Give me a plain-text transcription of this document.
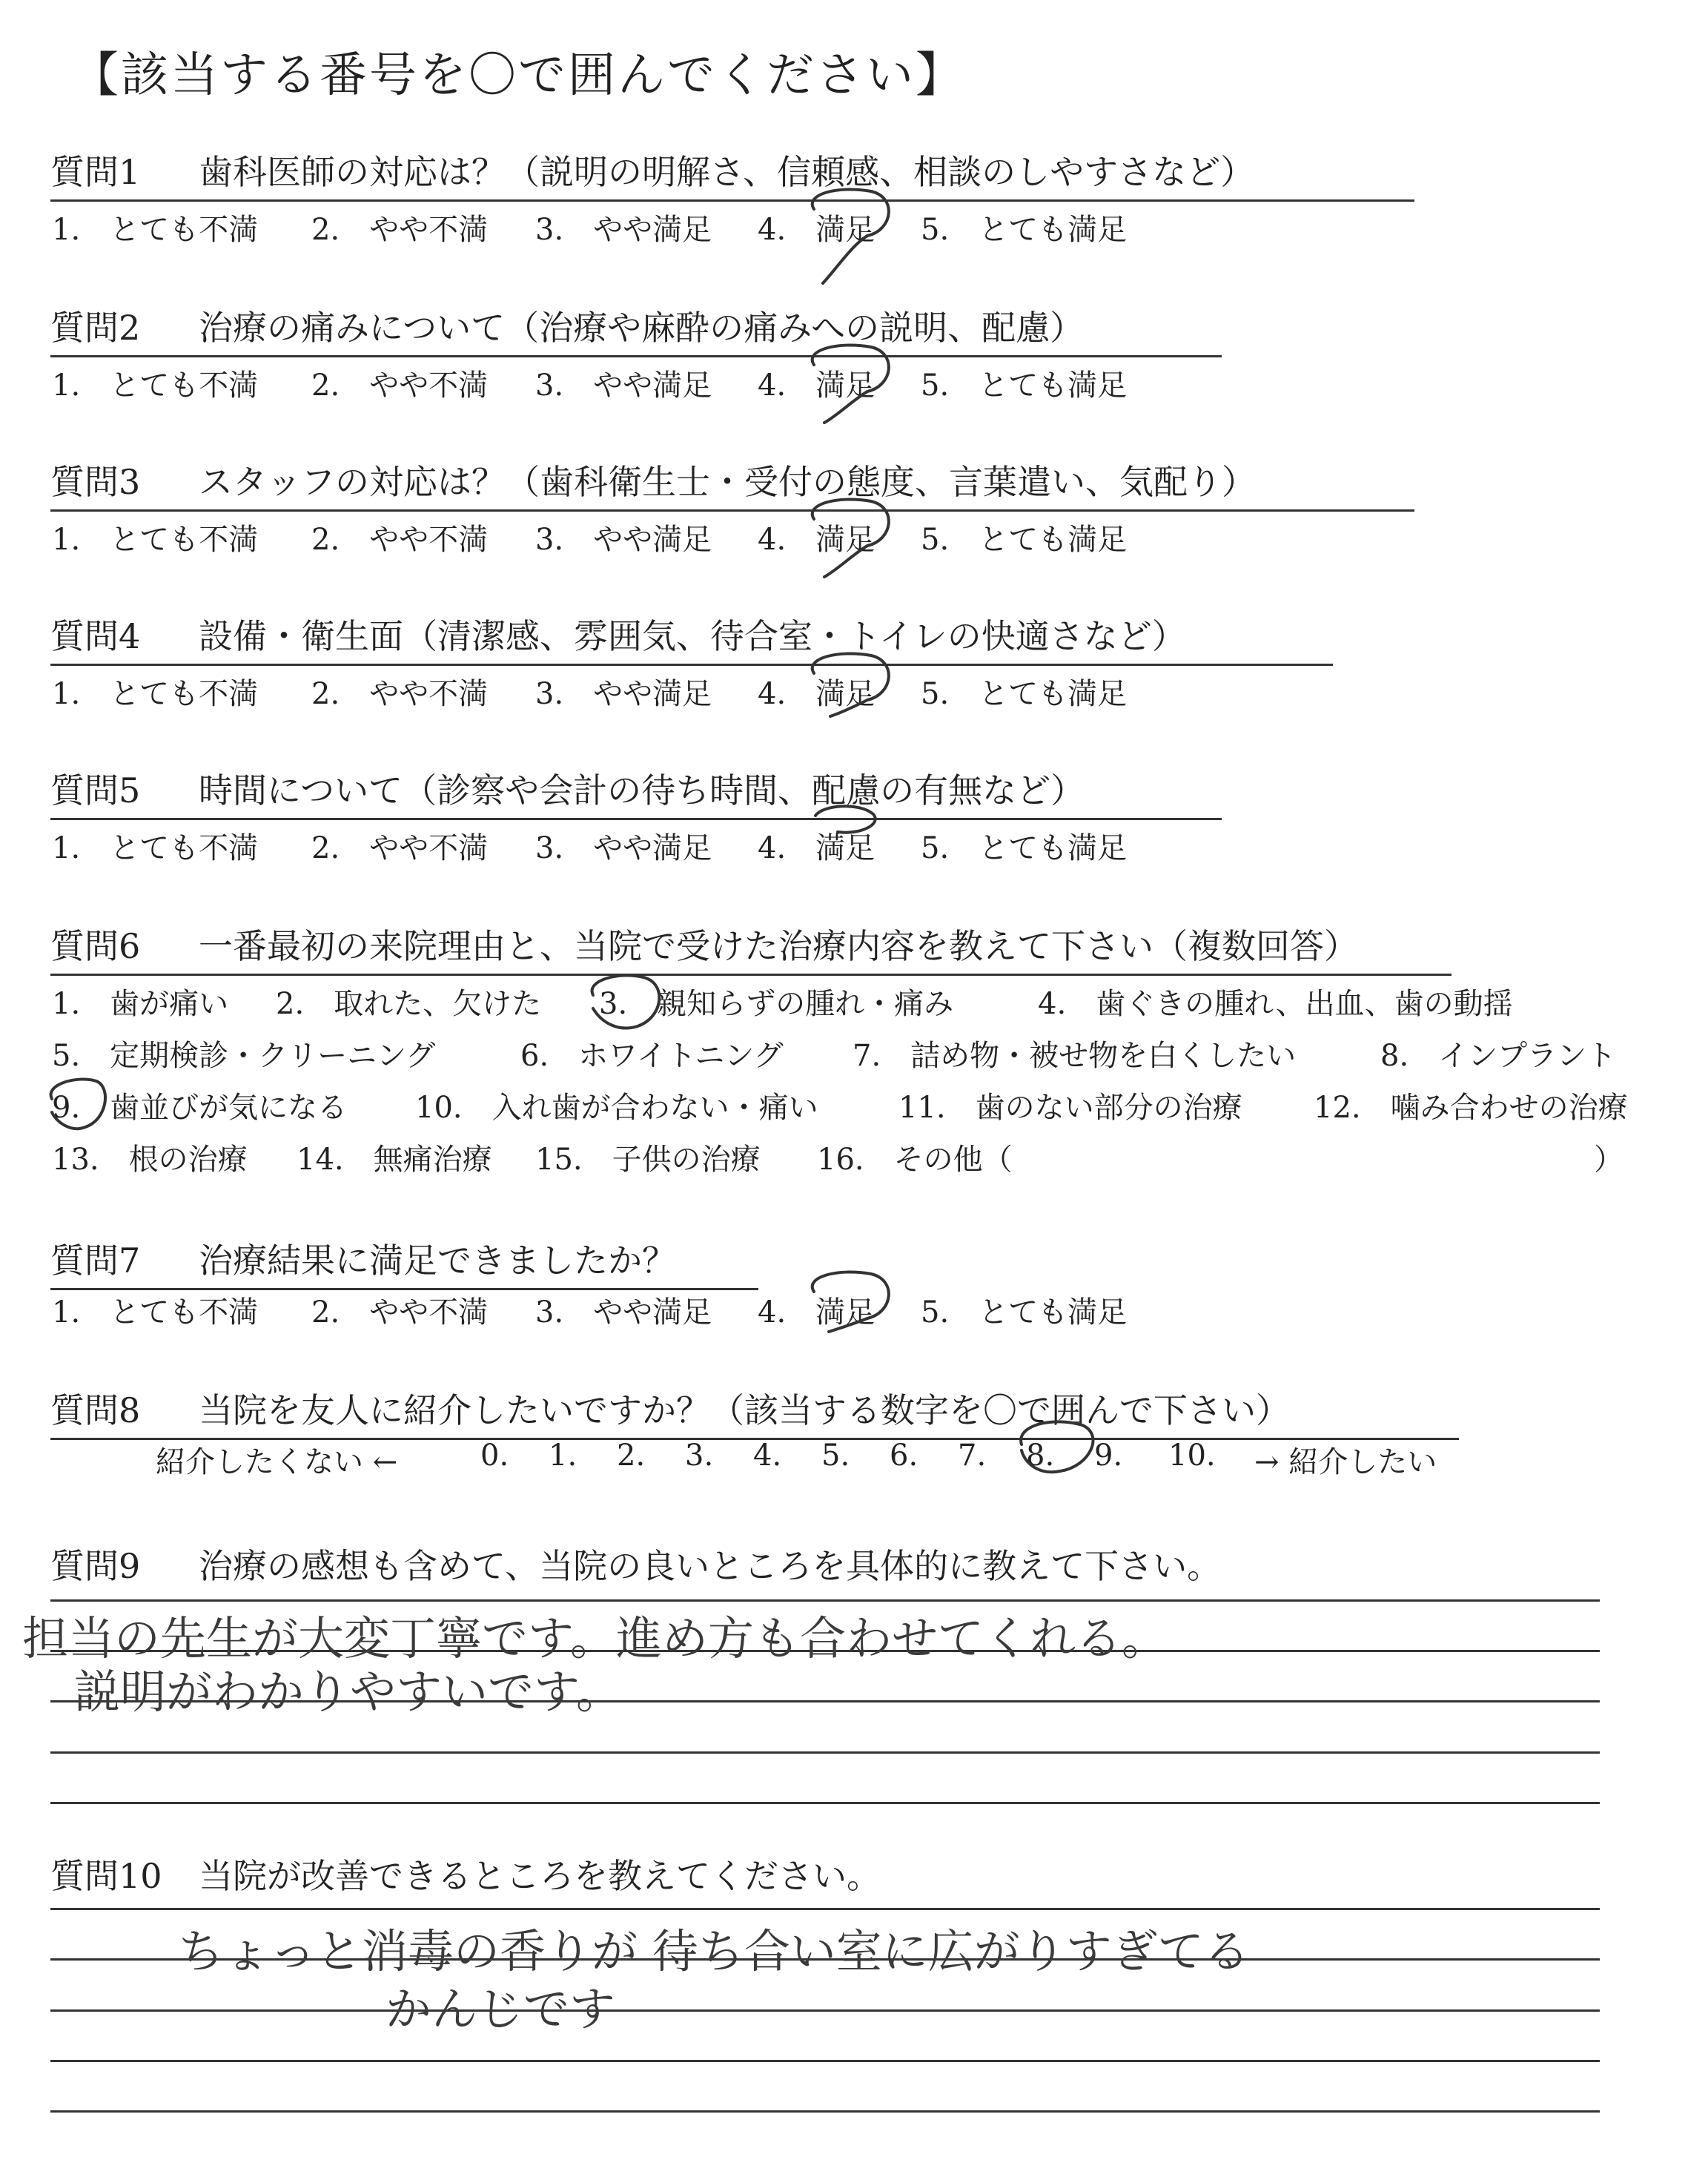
【該当する番号を〇で囲んでください】
質問1 歯科医師の対応は？（説明の明解さ、信頼感、相談のしやすさなど）
1.　とても不満 2.　やや不満 3.　やや満足 4.　満足 5.　とても満足
質問2 治療の痛みについて（治療や麻酔の痛みへの説明、配慮）
1.　とても不満 2.　やや不満 3.　やや満足 4.　満足 5.　とても満足
質問3 スタッフの対応は？（歯科衛生士・受付の態度、言葉遣い、気配り）
1.　とても不満 2.　やや不満 3.　やや満足 4.　満足 5.　とても満足
質問4 設備・衛生面（清潔感、雰囲気、待合室・トイレの快適さなど）
1.　とても不満 2.　やや不満 3.　やや満足 4.　満足 5.　とても満足
質問5 時間について（診察や会計の待ち時間、配慮の有無など）
1.　とても不満 2.　やや不満 3.　やや満足 4.　満足 5.　とても満足
質問6 一番最初の来院理由と、当院で受けた治療内容を教えて下さい（複数回答）
1.　歯が痛い 2.　取れた、欠けた 3.　親知らずの腫れ・痛み	4.　歯ぐきの腫れ、出血、歯の動揺
5.　定期検診・クリーニング	6.　ホワイトニング 7.　詰め物・被せ物を白くしたい	8.　インプラント
9.　歯並びが気になる 10.　入れ歯が合わない・痛い	11.　歯のない部分の治療 12.　噛み合わせの治療
13.　根の治療 14.　無痛治療 15.　子供の治療 16.　その他（	）
質問7 治療結果に満足できましたか？
1.　とても不満 2.　やや不満 3.　やや満足 4.　満足 5.　とても満足
質問8 当院を友人に紹介したいですか？（該当する数字を〇で囲んで下さい）
紹介したくない ←	0. 1. 2. 3. 4. 5. 6. 7. 8. 9. 10. → 紹介したい
質問9 治療の感想も含めて、当院の良いところを具体的に教えて下さい。
担当の先生が大変丁寧です。進め方も合わせてくれる。
説明がわかりやすいです。
質問10 当院が改善できるところを教えてください。
ちょっと消毒の香りが 待ち合い室に広がりすぎてる
かんじです
